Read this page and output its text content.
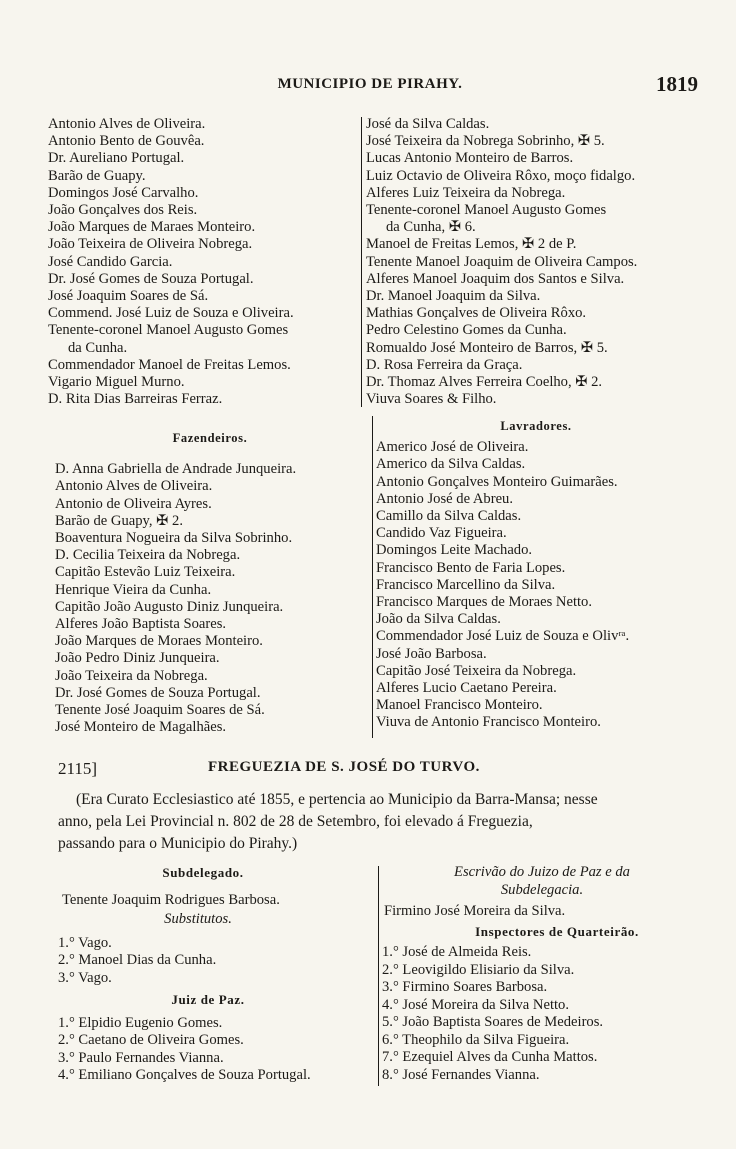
MUNICIPIO DE PIRAHY.	1819
Antonio Alves de Oliveira.
Antonio Bento de Gouvêa.
Dr. Aureliano Portugal.
Barão de Guapy.
Domingos José Carvalho.
João Gonçalves dos Reis.
João Marques de Maraes Monteiro.
João Teixeira de Oliveira Nobrega.
José Candido Garcia.
Dr. José Gomes de Souza Portugal.
José Joaquim Soares de Sá.
Commend. José Luiz de Souza e Oliveira.
Tenente-coronel Manoel Augusto Gomes
da Cunha.
Commendador Manoel de Freitas Lemos.
Vigario Miguel Murno.
D. Rita Dias Barreiras Ferraz.
José da Silva Caldas.
José Teixeira da Nobrega Sobrinho, ✠ 5.
Lucas Antonio Monteiro de Barros.
Luiz Octavio de Oliveira Rôxo, moço fidalgo.
Alferes Luiz Teixeira da Nobrega.
Tenente-coronel Manoel Augusto Gomes
da Cunha, ✠ 6.
Manoel de Freitas Lemos, ✠ 2 de P.
Tenente Manoel Joaquim de Oliveira Campos.
Alferes Manoel Joaquim dos Santos e Silva.
Dr. Manoel Joaquim da Silva.
Mathias Gonçalves de Oliveira Rôxo.
Pedro Celestino Gomes da Cunha.
Romualdo José Monteiro de Barros, ✠ 5.
D. Rosa Ferreira da Graça.
Dr. Thomaz Alves Ferreira Coelho, ✠ 2.
Viuva Soares & Filho.
Fazendeiros.
D. Anna Gabriella de Andrade Junqueira.
Antonio Alves de Oliveira.
Antonio de Oliveira Ayres.
Barão de Guapy, ✠ 2.
Boaventura Nogueira da Silva Sobrinho.
D. Cecilia Teixeira da Nobrega.
Capitão Estevão Luiz Teixeira.
Henrique Vieira da Cunha.
Capitão João Augusto Diniz Junqueira.
Alferes João Baptista Soares.
João Marques de Moraes Monteiro.
João Pedro Diniz Junqueira.
João Teixeira da Nobrega.
Dr. José Gomes de Souza Portugal.
Tenente José Joaquim Soares de Sá.
José Monteiro de Magalhães.
Lavradores.
Americo José de Oliveira.
Americo da Silva Caldas.
Antonio Gonçalves Monteiro Guimarães.
Antonio José de Abreu.
Camillo da Silva Caldas.
Candido Vaz Figueira.
Domingos Leite Machado.
Francisco Bento de Faria Lopes.
Francisco Marcellino da Silva.
Francisco Marques de Moraes Netto.
João da Silva Caldas.
Commendador José Luiz de Souza e Olivʳᵃ.
José João Barbosa.
Capitão José Teixeira da Nobrega.
Alferes Lucio Caetano Pereira.
Manoel Francisco Monteiro.
Viuva de Antonio Francisco Monteiro.
2115]	FREGUEZIA DE S. JOSÉ DO TURVO.
(Era Curato Ecclesiastico até 1855, e pertencia ao Municipio da Barra-Mansa; nesse
anno, pela Lei Provincial n. 802 de 28 de Setembro, foi elevado á Freguezia,
passando para o Municipio do Pirahy.)
Subdelegado.
Tenente Joaquim Rodrigues Barbosa.
Substitutos.
1.° Vago.
2.° Manoel Dias da Cunha.
3.° Vago.
Juiz de Paz.
1.° Elpidio Eugenio Gomes.
2.° Caetano de Oliveira Gomes.
3.° Paulo Fernandes Vianna.
4.° Emiliano Gonçalves de Souza Portugal.
Escrivão do Juizo de Paz e da
Subdelegacia.
Firmino José Moreira da Silva.
Inspectores de Quarteirão.
1.° José de Almeida Reis.
2.° Leovigildo Elisiario da Silva.
3.° Firmino Soares Barbosa.
4.° José Moreira da Silva Netto.
5.° João Baptista Soares de Medeiros.
6.° Theophilo da Silva Figueira.
7.° Ezequiel Alves da Cunha Mattos.
8.° José Fernandes Vianna.
